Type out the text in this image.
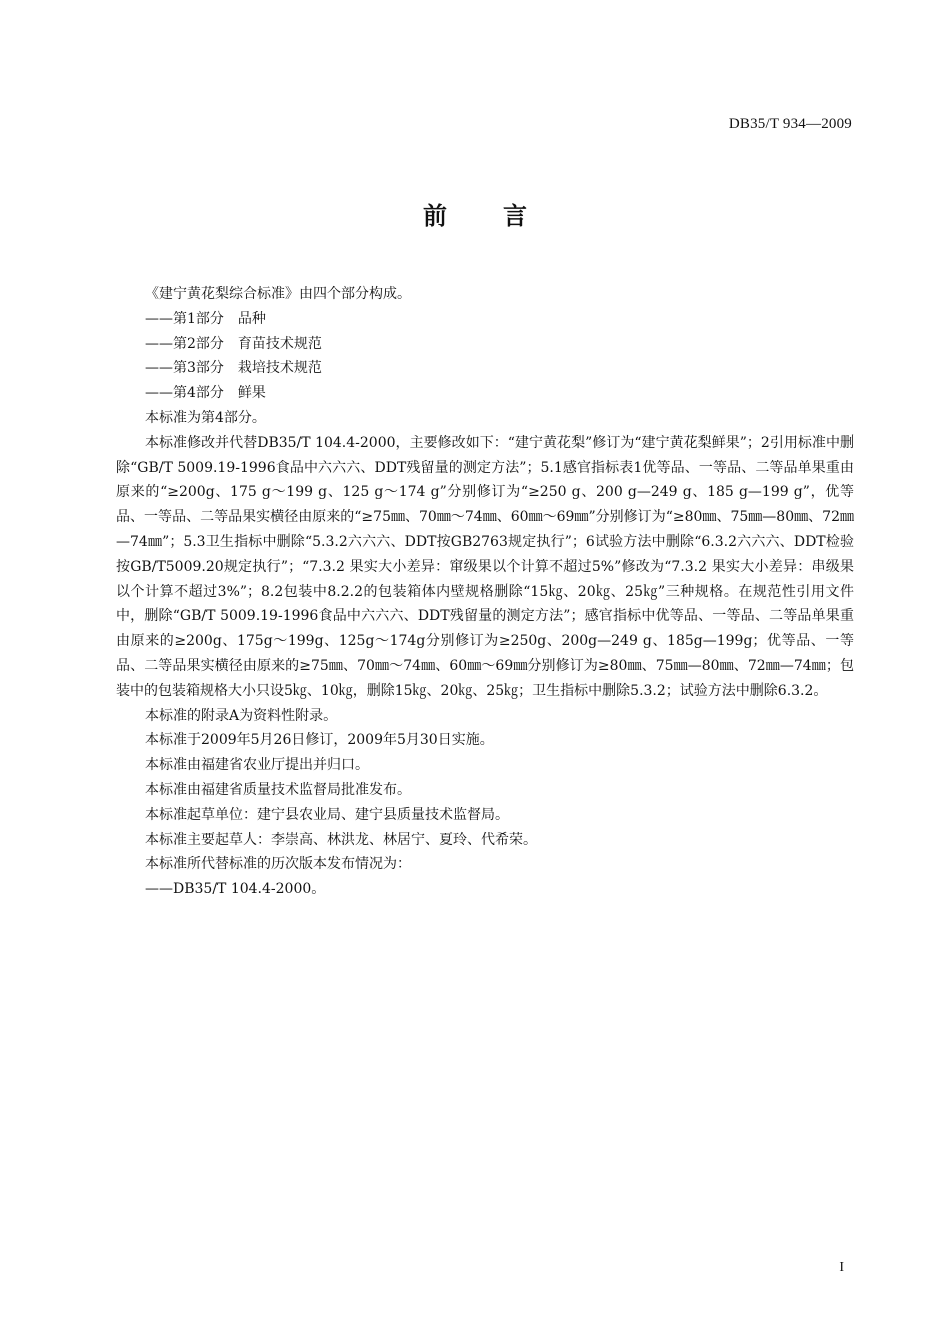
DB35/T 934—2009
前言

《建宁黄花梨综合标准》由四个部分构成。

——第1部分　品种

——第2部分　育苗技术规范

——第3部分　栽培技术规范

——第4部分　鲜果

本标准为第4部分。

本标准修改并代替DB35/T 104.4-2000，主要修改如下：“建宁黄花梨”修订为“建宁黄花梨鲜果”；2引用标准中删除“GB/T 5009.19-1996食品中六六六、DDT残留量的测定方法”；5.1感官指标表1优等品、一等品、二等品单果重由原来的“≥200g、175 g～199 g、125 g～174 g”分别修订为“≥250 g、200 g—249 g、185 g—199 g”，优等品、一等品、二等品果实横径由原来的“≥75㎜、70㎜～74㎜、60㎜～69㎜”分别修订为“≥80㎜、75㎜—80㎜、72㎜—74㎜”；5.3卫生指标中删除“5.3.2六六六、DDT按GB2763规定执行”；6试验方法中删除“6.3.2六六六、DDT检验按GB/T5009.20规定执行”；“7.3.2 果实大小差异：窜级果以个计算不超过5%”修改为“7.3.2 果实大小差异：串级果以个计算不超过3%”；8.2包装中8.2.2的包装箱体内壁规格删除“15㎏、20㎏、25㎏”三种规格。在规范性引用文件中，删除“GB/T 5009.19-1996食品中六六六、DDT残留量的测定方法”；感官指标中优等品、一等品、二等品单果重由原来的≥200g、175g～199g、125g～174g分别修订为≥250g、200g—249 g、185g—199g；优等品、一等品、二等品果实横径由原来的≥75㎜、70㎜～74㎜、60㎜～69㎜分别修订为≥80㎜、75㎜—80㎜、72㎜—74㎜；包装中的包装箱规格大小只设5㎏、10㎏，删除15㎏、20㎏、25㎏；卫生指标中删除5.3.2；试验方法中删除6.3.2。

本标准的附录A为资料性附录。

本标准于2009年5月26日修订，2009年5月30日实施。

本标准由福建省农业厅提出并归口。

本标准由福建省质量技术监督局批准发布。

本标准起草单位：建宁县农业局、建宁县质量技术监督局。

本标准主要起草人：李崇高、林洪龙、林居宁、夏玲、代希荣。

本标准所代替标准的历次版本发布情况为：

——DB35/T 104.4-2000。

I
